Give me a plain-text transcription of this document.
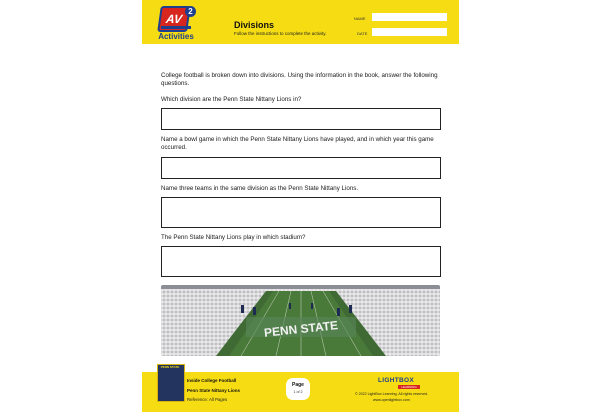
AV
2
Activities
Divisions
Follow the instructions to complete the activity.
NAME
DATE
College football is broken down into divisions. Using the information in the book, answer the following questions.
Which division are the Penn State Nittany Lions in?
Name a bowl game in which the Penn State Nittany Lions have played, and in which year this game occurred.
Name three teams in the same division as the Penn State Nittany Lions.
The Penn State Nittany Lions play in which stadium?
PENN STATE
PENN STATE
Inside College Football
Penn State Nittany Lions
Reference: All Pages
Page
1 of 2
LIGHTBOX
LEARNING
© 2022 LightBox Learning. All rights reserved.
www.openlightbox.com
